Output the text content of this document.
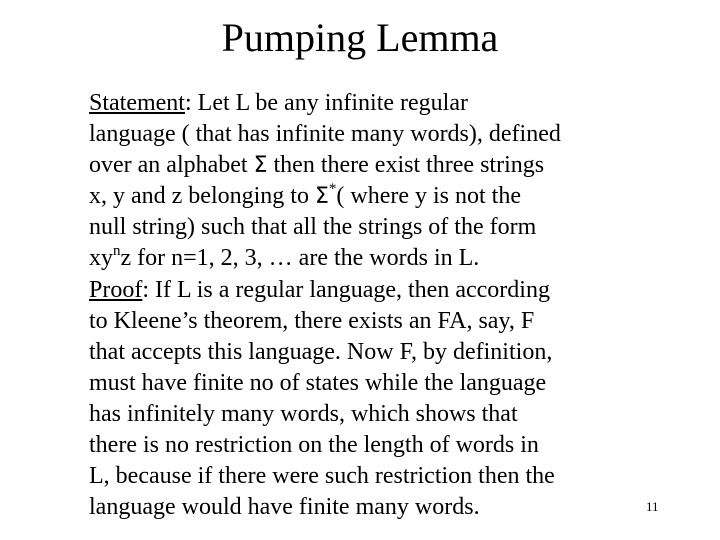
Pumping Lemma
Statement: Let L be any infinite regular
language ( that has infinite many words), defined
over an alphabet Σ then there exist three strings
x, y and z belonging to Σ*( where y is not the
null string) such that all the strings of the form
$xy^nz$ for n=1, 2, 3, … are the words in L.
Proof: If L is a regular language, then according
to Kleene’s theorem, there exists an FA, say, F
that accepts this language. Now F, by definition,
must have finite no of states while the language
has infinitely many words, which shows that
there is no restriction on the length of words in
L, because if there were such restriction then the
language would have finite many words.	11
